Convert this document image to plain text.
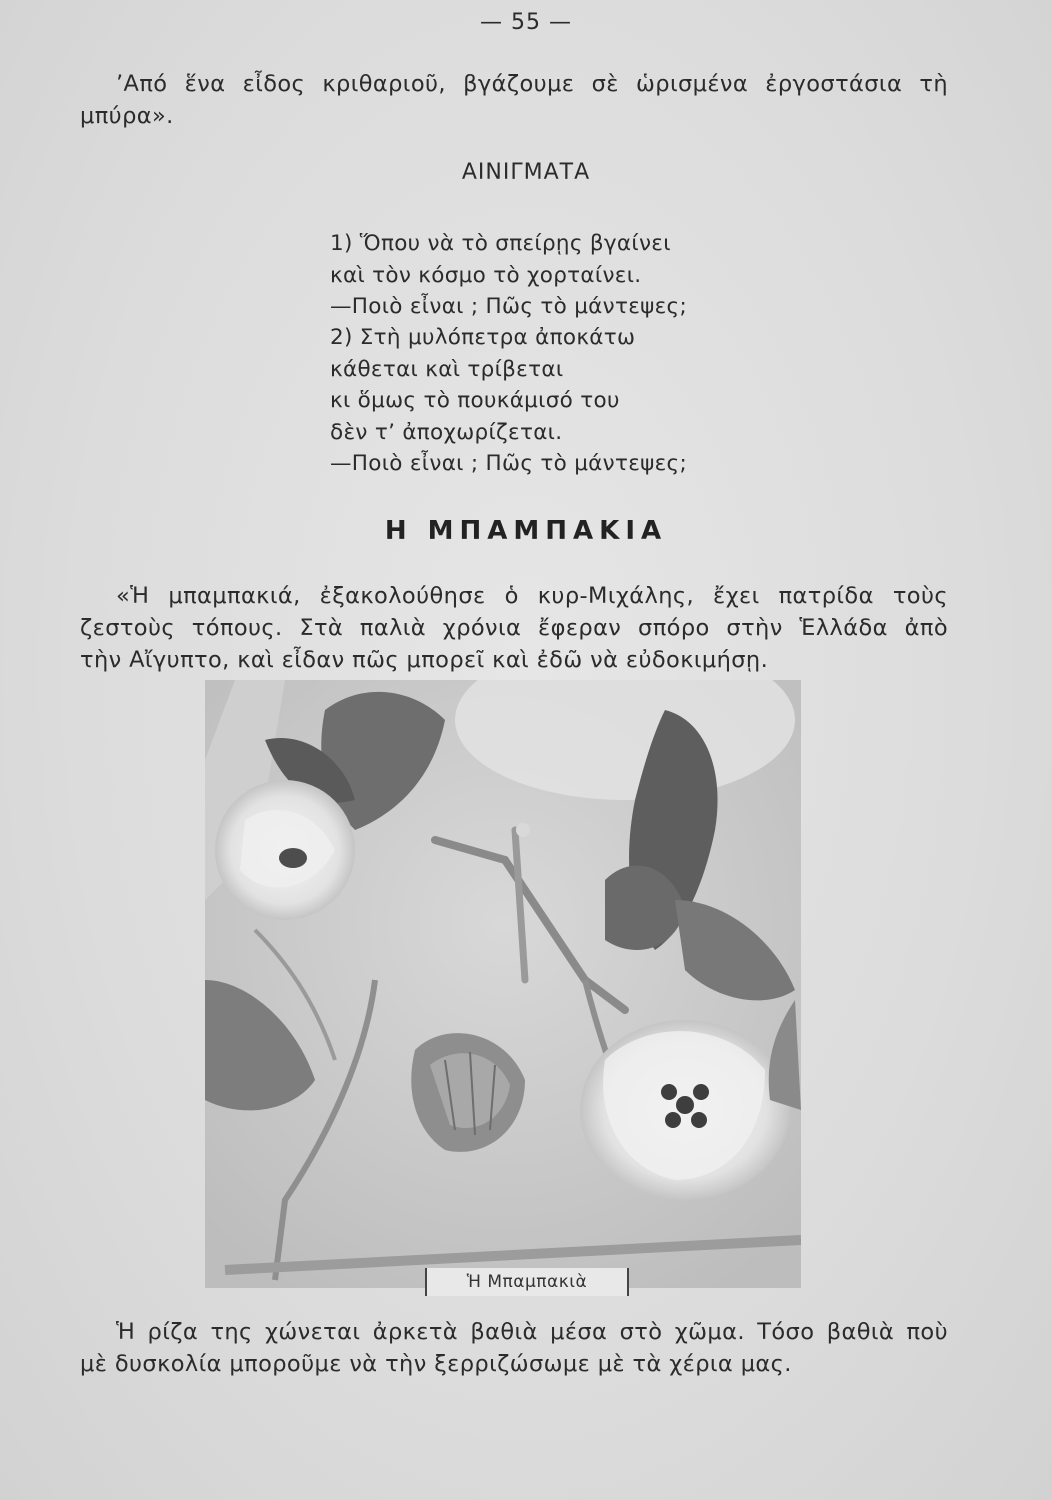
— 55 —
’Από ἕνα εἶδος κριθαριοῦ, βγάζουμε σὲ ὡρισμένα ἐργοστάσια τὴ
μπύρα».
ΑΙΝΙΓΜΑΤΑ
1) Ὅπου νὰ τὸ σπείρῃς βγαίνει
καὶ τὸν κόσμο τὸ χορταίνει.
—Ποιὸ εἶναι ; Πῶς τὸ μάντεψες;
2) Στὴ μυλόπετρα ἀποκάτω
κάθεται καὶ τρίβεται
κι ὅμως τὸ πουκάμισό του
δὲν τ’ ἀποχωρίζεται.
—Ποιὸ εἶναι ; Πῶς τὸ μάντεψες;
Η ΜΠΑΜΠΑΚΙΑ
«Ἡ μπαμπακιά, ἐξακολούθησε ὁ κυρ-Μιχάλης, ἔχει πατρίδα τοὺς
ζεστοὺς τόπους. Στὰ παλιὰ χρόνια ἔφεραν σπόρο στὴν Ἑλλάδα ἀπὸ
τὴν Αἴγυπτο, καὶ εἶδαν πῶς μπορεῖ καὶ ἐδῶ νὰ εὐδοκιμήσῃ.
Ἡ Μπαμπακιὰ
Ἡ ρίζα της χώνεται ἀρκετὰ βαθιὰ μέσα στὸ χῶμα. Τόσο βαθιὰ ποὺ
μὲ δυσκολία μποροῦμε νὰ τὴν ξερριζώσωμε μὲ τὰ χέρια μας.
